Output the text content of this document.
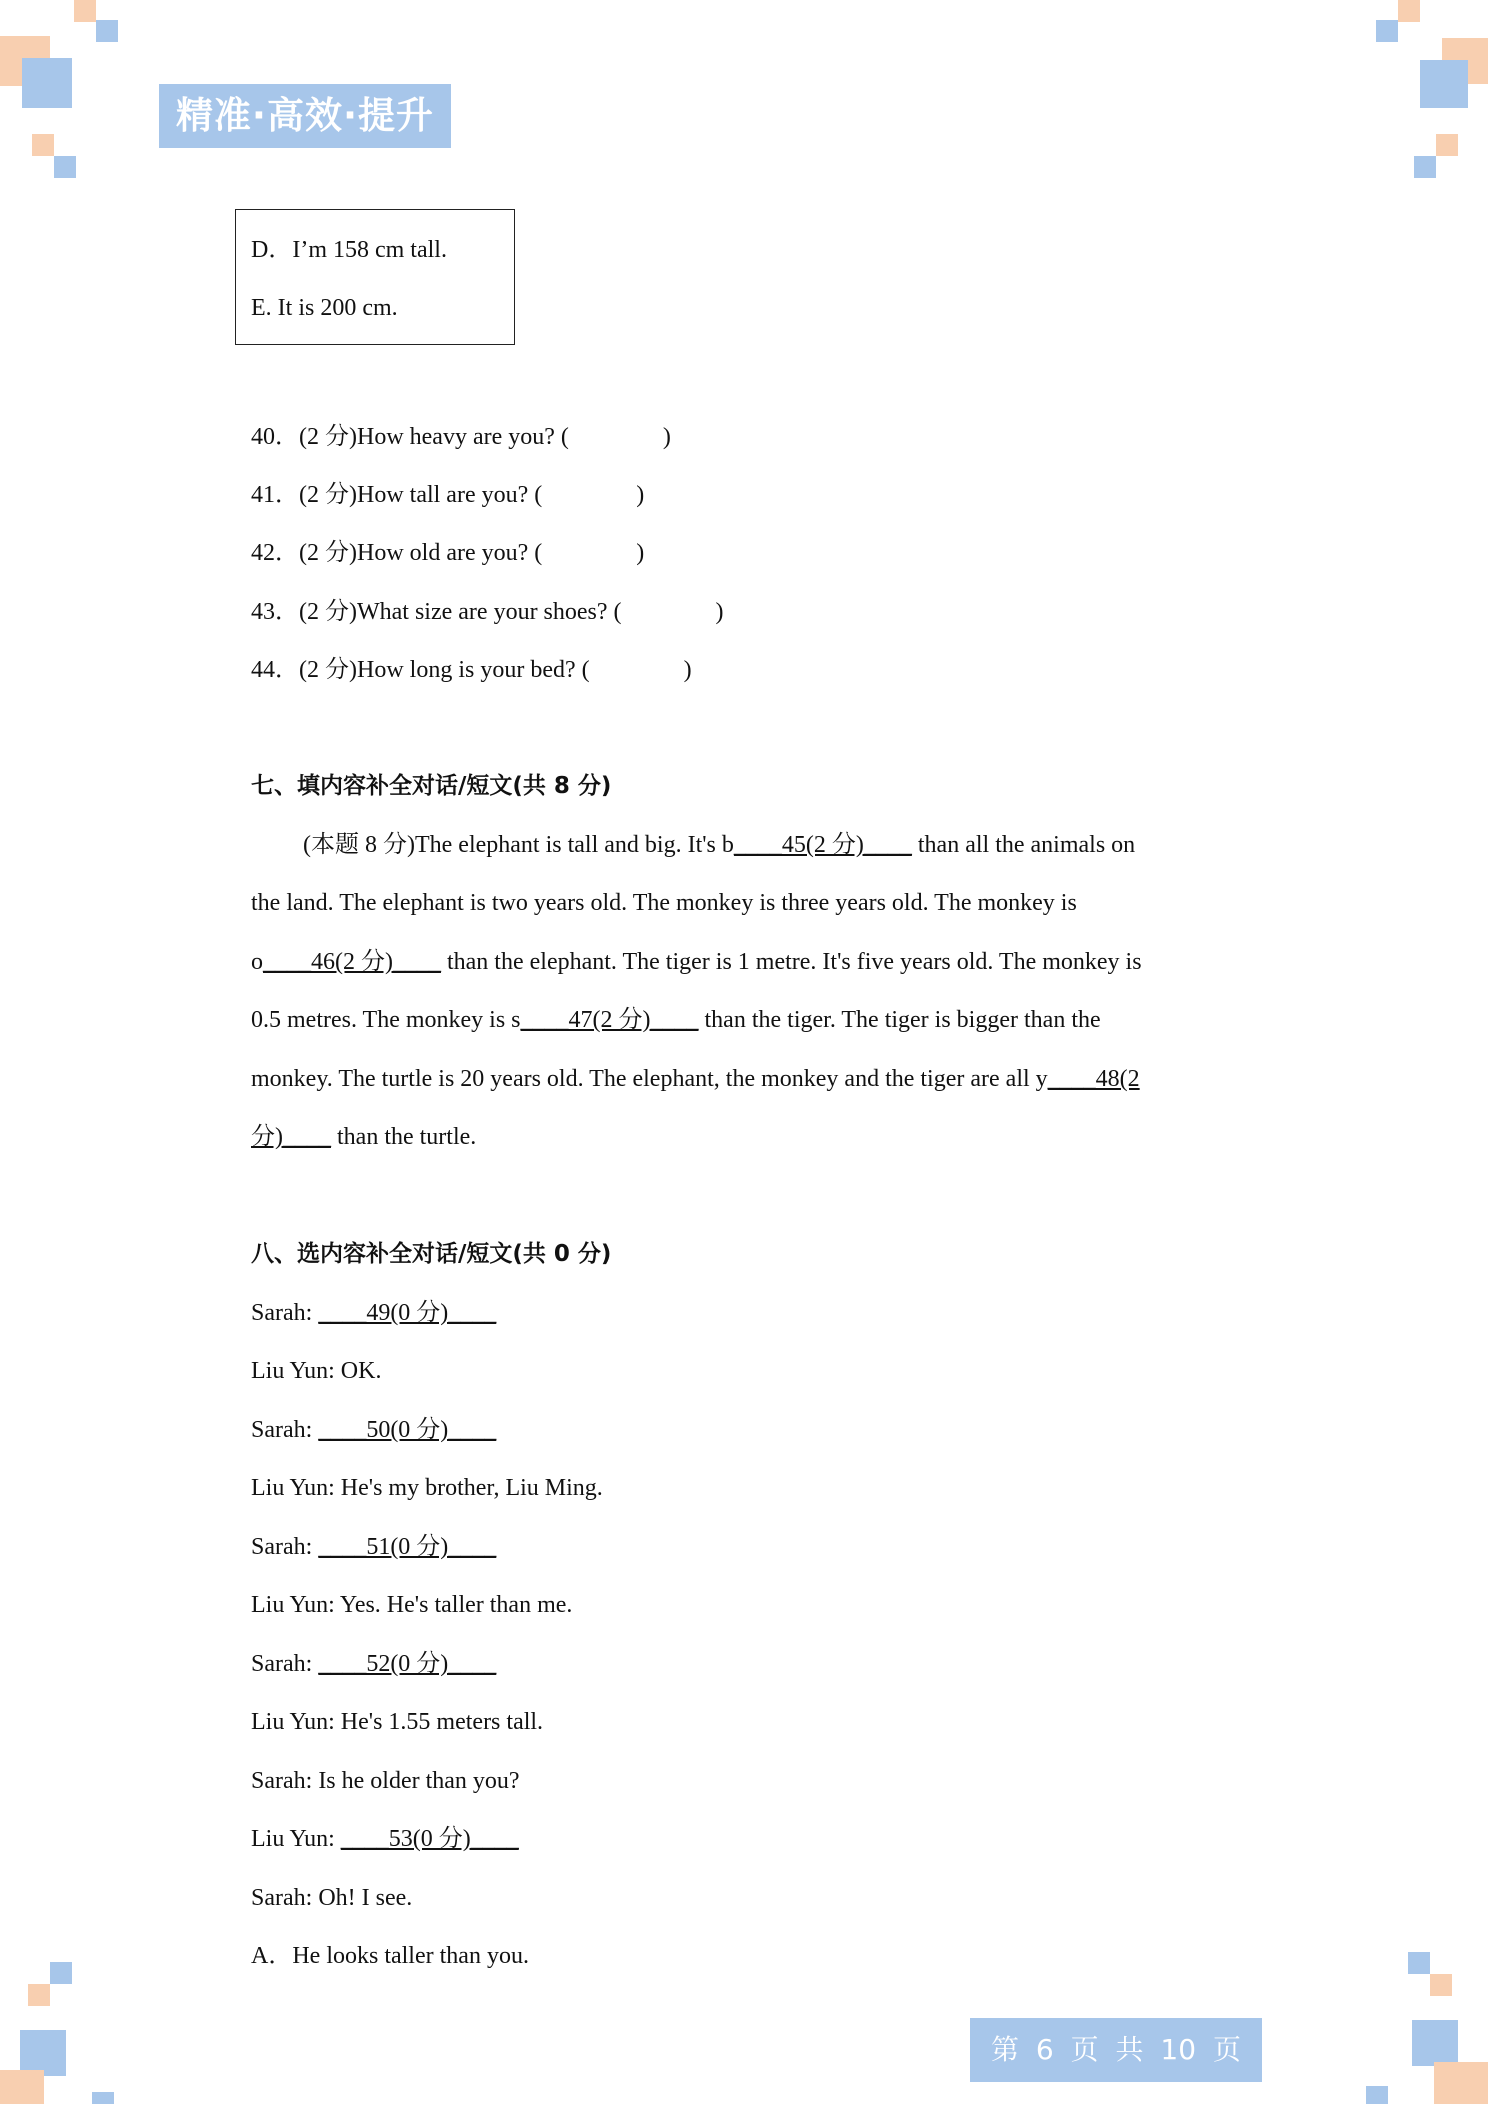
精准·高效·提升
D．I’m 158 cm tall.
E. It is 200 cm.
40．(2 分)How heavy are you? (	)
41．(2 分)How tall are you? (	)
42．(2 分)How old are you? (	)
43．(2 分)What size are your shoes? (	)
44．(2 分)How long is your bed? (	)
七、填内容补全对话/短文(共 8 分)
(本题 8 分)The elephant is tall and big. It's b____45(2 分)____ than all the animals on
the land. The elephant is two years old. The monkey is three years old. The monkey is
o____46(2 分)____ than the elephant. The tiger is 1 metre. It's five years old. The monkey is
0.5 metres. The monkey is s____47(2 分)____ than the tiger. The tiger is bigger than the
monkey. The turtle is 20 years old. The elephant, the monkey and the tiger are all y____48(2
分)____ than the turtle.
八、选内容补全对话/短文(共 0 分)
Sarah: ____49(0 分)____
Liu Yun: OK.
Sarah: ____50(0 分)____
Liu Yun: He's my brother, Liu Ming.
Sarah: ____51(0 分)____
Liu Yun: Yes. He's taller than me.
Sarah: ____52(0 分)____
Liu Yun: He's 1.55 meters tall.
Sarah: Is he older than you?
Liu Yun: ____53(0 分)____
Sarah: Oh! I see.
A．He looks taller than you.
第 6 页 共 10 页
